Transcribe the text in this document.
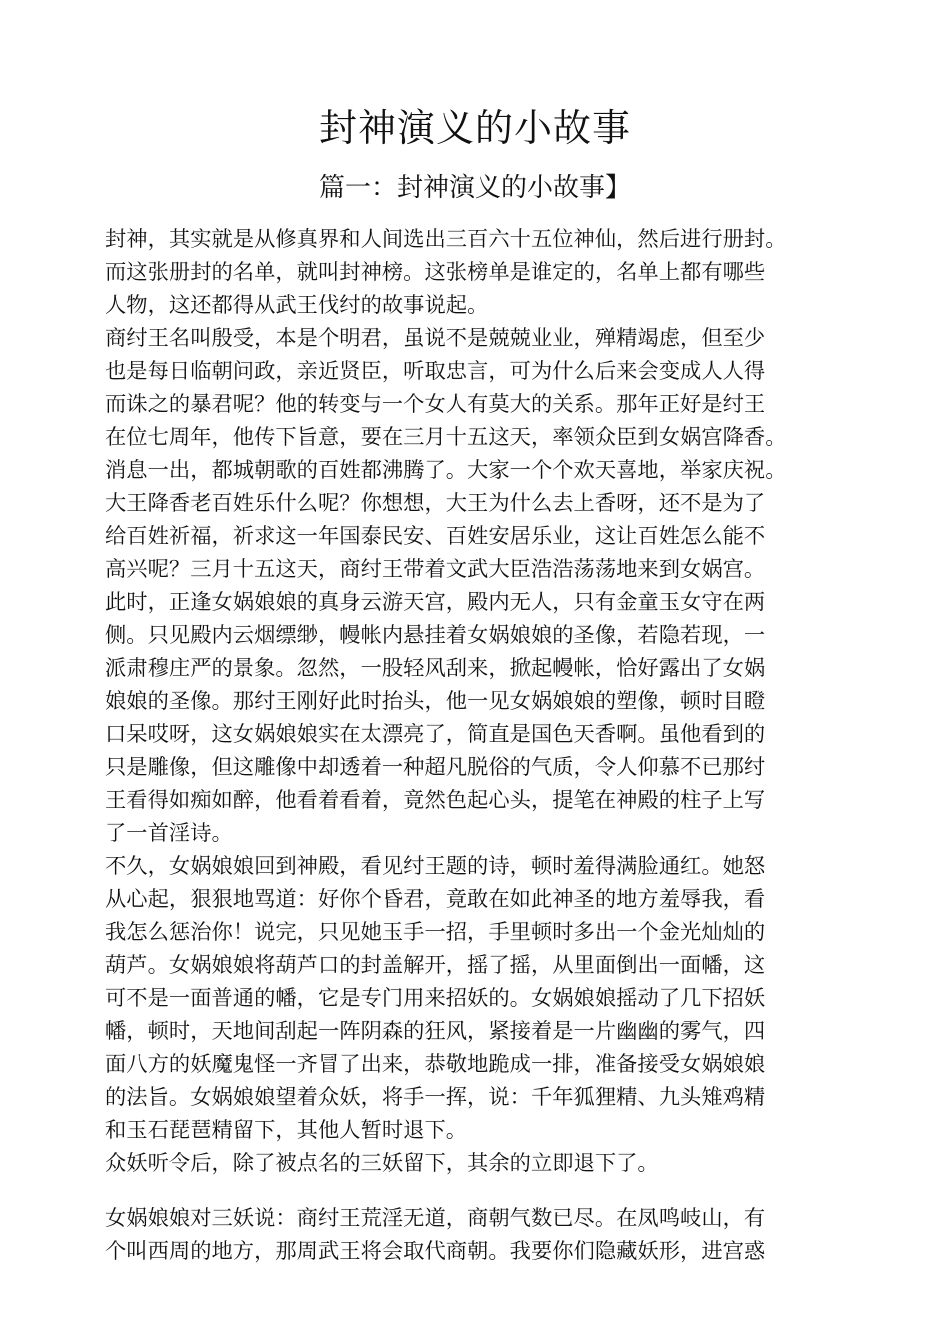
封神演义的小故事
篇一：封神演义的小故事】

封神，其实就是从修真界和人间选出三百六十五位神仙，然后进行册封。
而这张册封的名单，就叫封神榜。这张榜单是谁定的，名单上都有哪些
人物，这还都得从武王伐纣的故事说起。

商纣王名叫殷受，本是个明君，虽说不是兢兢业业，殚精竭虑，但至少
也是每日临朝问政，亲近贤臣，听取忠言，可为什么后来会变成人人得
而诛之的暴君呢？他的转变与一个女人有莫大的关系。那年正好是纣王
在位七周年，他传下旨意，要在三月十五这天，率领众臣到女娲宫降香。
消息一出，都城朝歌的百姓都沸腾了。大家一个个欢天喜地，举家庆祝。
大王降香老百姓乐什么呢？你想想，大王为什么去上香呀，还不是为了
给百姓祈福，祈求这一年国泰民安、百姓安居乐业，这让百姓怎么能不
高兴呢？三月十五这天，商纣王带着文武大臣浩浩荡荡地来到女娲宫。
此时，正逢女娲娘娘的真身云游天宫，殿内无人，只有金童玉女守在两
侧。只见殿内云烟缥缈，幔帐内悬挂着女娲娘娘的圣像，若隐若现，一
派肃穆庄严的景象。忽然，一股轻风刮来，掀起幔帐，恰好露出了女娲
娘娘的圣像。那纣王刚好此时抬头，他一见女娲娘娘的塑像，顿时目瞪
口呆哎呀，这女娲娘娘实在太漂亮了，简直是国色天香啊。虽他看到的
只是雕像，但这雕像中却透着一种超凡脱俗的气质，令人仰慕不已那纣
王看得如痴如醉，他看着看着，竟然色起心头，提笔在神殿的柱子上写
了一首淫诗。

不久，女娲娘娘回到神殿，看见纣王题的诗，顿时羞得满脸通红。她怒
从心起，狠狠地骂道：好你个昏君，竟敢在如此神圣的地方羞辱我，看
我怎么惩治你！说完，只见她玉手一招，手里顿时多出一个金光灿灿的
葫芦。女娲娘娘将葫芦口的封盖解开，摇了摇，从里面倒出一面幡，这
可不是一面普通的幡，它是专门用来招妖的。女娲娘娘摇动了几下招妖
幡，顿时，天地间刮起一阵阴森的狂风，紧接着是一片幽幽的雾气，四
面八方的妖魔鬼怪一齐冒了出来，恭敬地跪成一排，准备接受女娲娘娘
的法旨。女娲娘娘望着众妖，将手一挥，说：千年狐狸精、九头雉鸡精
和玉石琵琶精留下，其他人暂时退下。

众妖听令后，除了被点名的三妖留下，其余的立即退下了。

女娲娘娘对三妖说：商纣王荒淫无道，商朝气数已尽。在凤鸣岐山，有
个叫西周的地方，那周武王将会取代商朝。我要你们隐藏妖形，进宫惑
